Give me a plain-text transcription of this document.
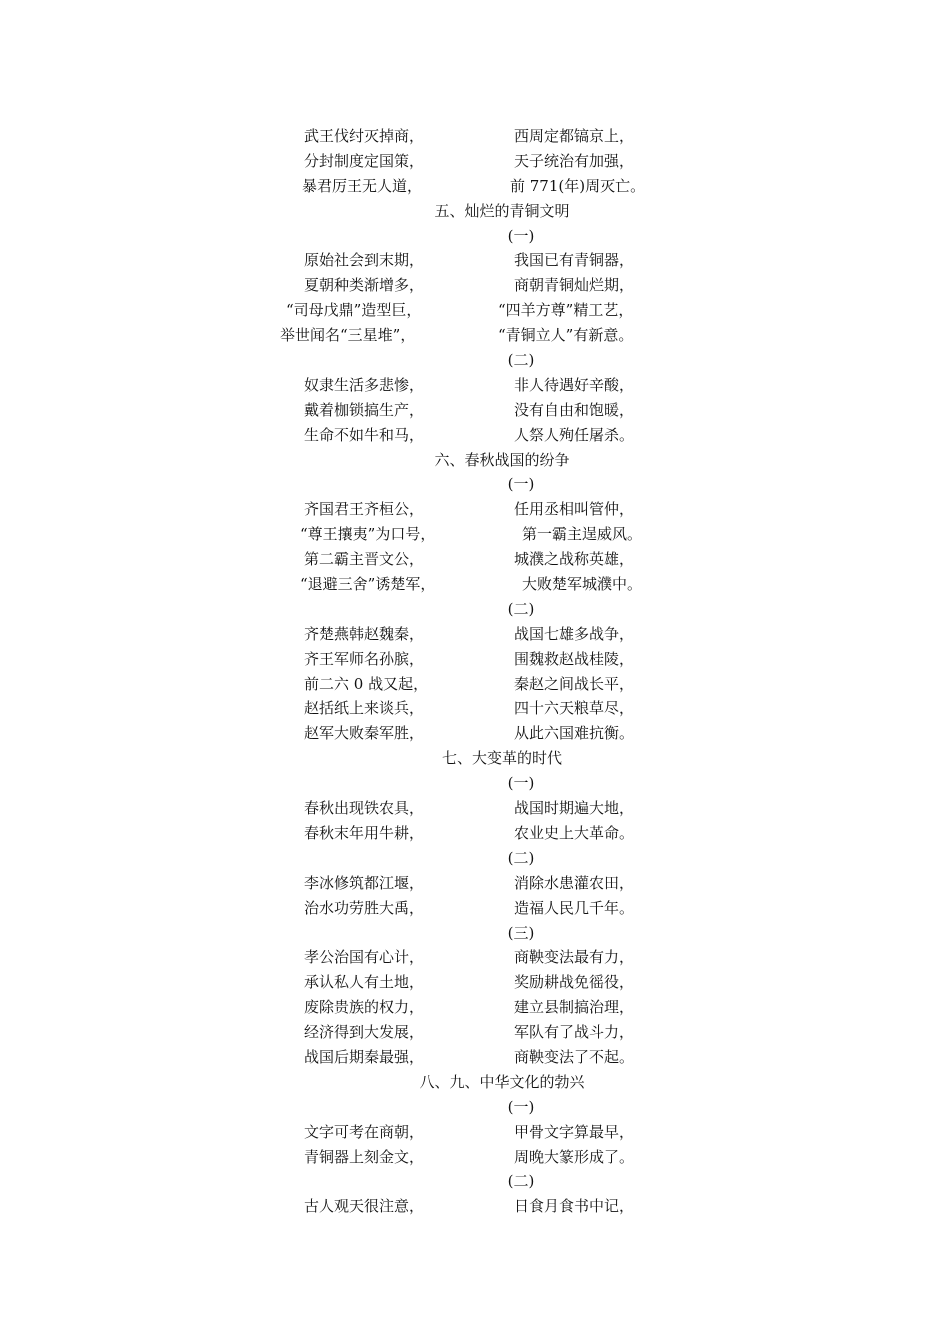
武王伐纣灭掉商，	西周定都镐京上，
分封制度定国策，	天子统治有加强，
暴君厉王无人道，	前 771(年)周灭亡。
五、灿烂的青铜文明
(一)
原始社会到末期，	我国已有青铜器，
夏朝种类渐增多，	商朝青铜灿烂期，
“司母戊鼎”造型巨，	“四羊方尊”精工艺，
举世闻名“三星堆”，	“青铜立人”有新意。
(二)
奴隶生活多悲惨，	非人待遇好辛酸，
戴着枷锁搞生产，	没有自由和饱暖，
生命不如牛和马，	人祭人殉任屠杀。
六、春秋战国的纷争
(一)
齐国君王齐桓公，	任用丞相叫管仲，
“尊王攘夷”为口号，	第一霸主逞威风。
第二霸主晋文公，	城濮之战称英雄，
“退避三舍”诱楚军，	大败楚军城濮中。
(二)
齐楚燕韩赵魏秦，	战国七雄多战争，
齐王军师名孙膑，	围魏救赵战桂陵，
前二六 0 战又起，	秦赵之间战长平，
赵括纸上来谈兵，	四十六天粮草尽，
赵军大败秦军胜，	从此六国难抗衡。
七、大变革的时代
(一)
春秋出现铁农具，	战国时期遍大地，
春秋末年用牛耕，	农业史上大革命。
(二)
李冰修筑都江堰，	消除水患灌农田，
治水功劳胜大禹，	造福人民几千年。
(三)
孝公治国有心计，	商鞅变法最有力，
承认私人有土地，	奖励耕战免徭役，
废除贵族的权力，	建立县制搞治理，
经济得到大发展，	军队有了战斗力，
战国后期秦最强，	商鞅变法了不起。
八、九、中华文化的勃兴
(一)
文字可考在商朝，	甲骨文字算最早，
青铜器上刻金文，	周晚大篆形成了。
(二)
古人观天很注意，	日食月食书中记，
